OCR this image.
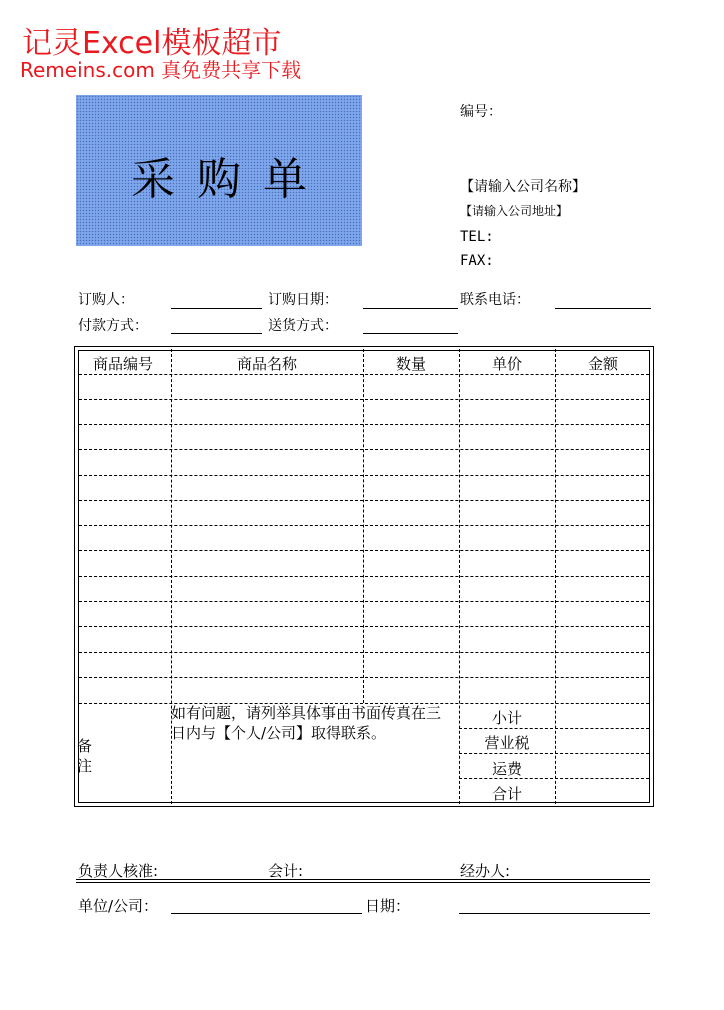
记灵Excel模板超市
Remeins.com 真免费共享下载
采购单
编号：
【请输入公司名称】
【请输入公司地址】
TEL:
FAX:
订购人：	订购日期：	联系电话：
付款方式：	送货方式：
商品编号	商品名称	数量	单价	金额
小计
营业税
运费
合计
备注
如有问题，请列举具体事由书面传真在三日内与【个人/公司】取得联系。
负责人核准:	会计:	经办人:
单位/公司：	日期：
